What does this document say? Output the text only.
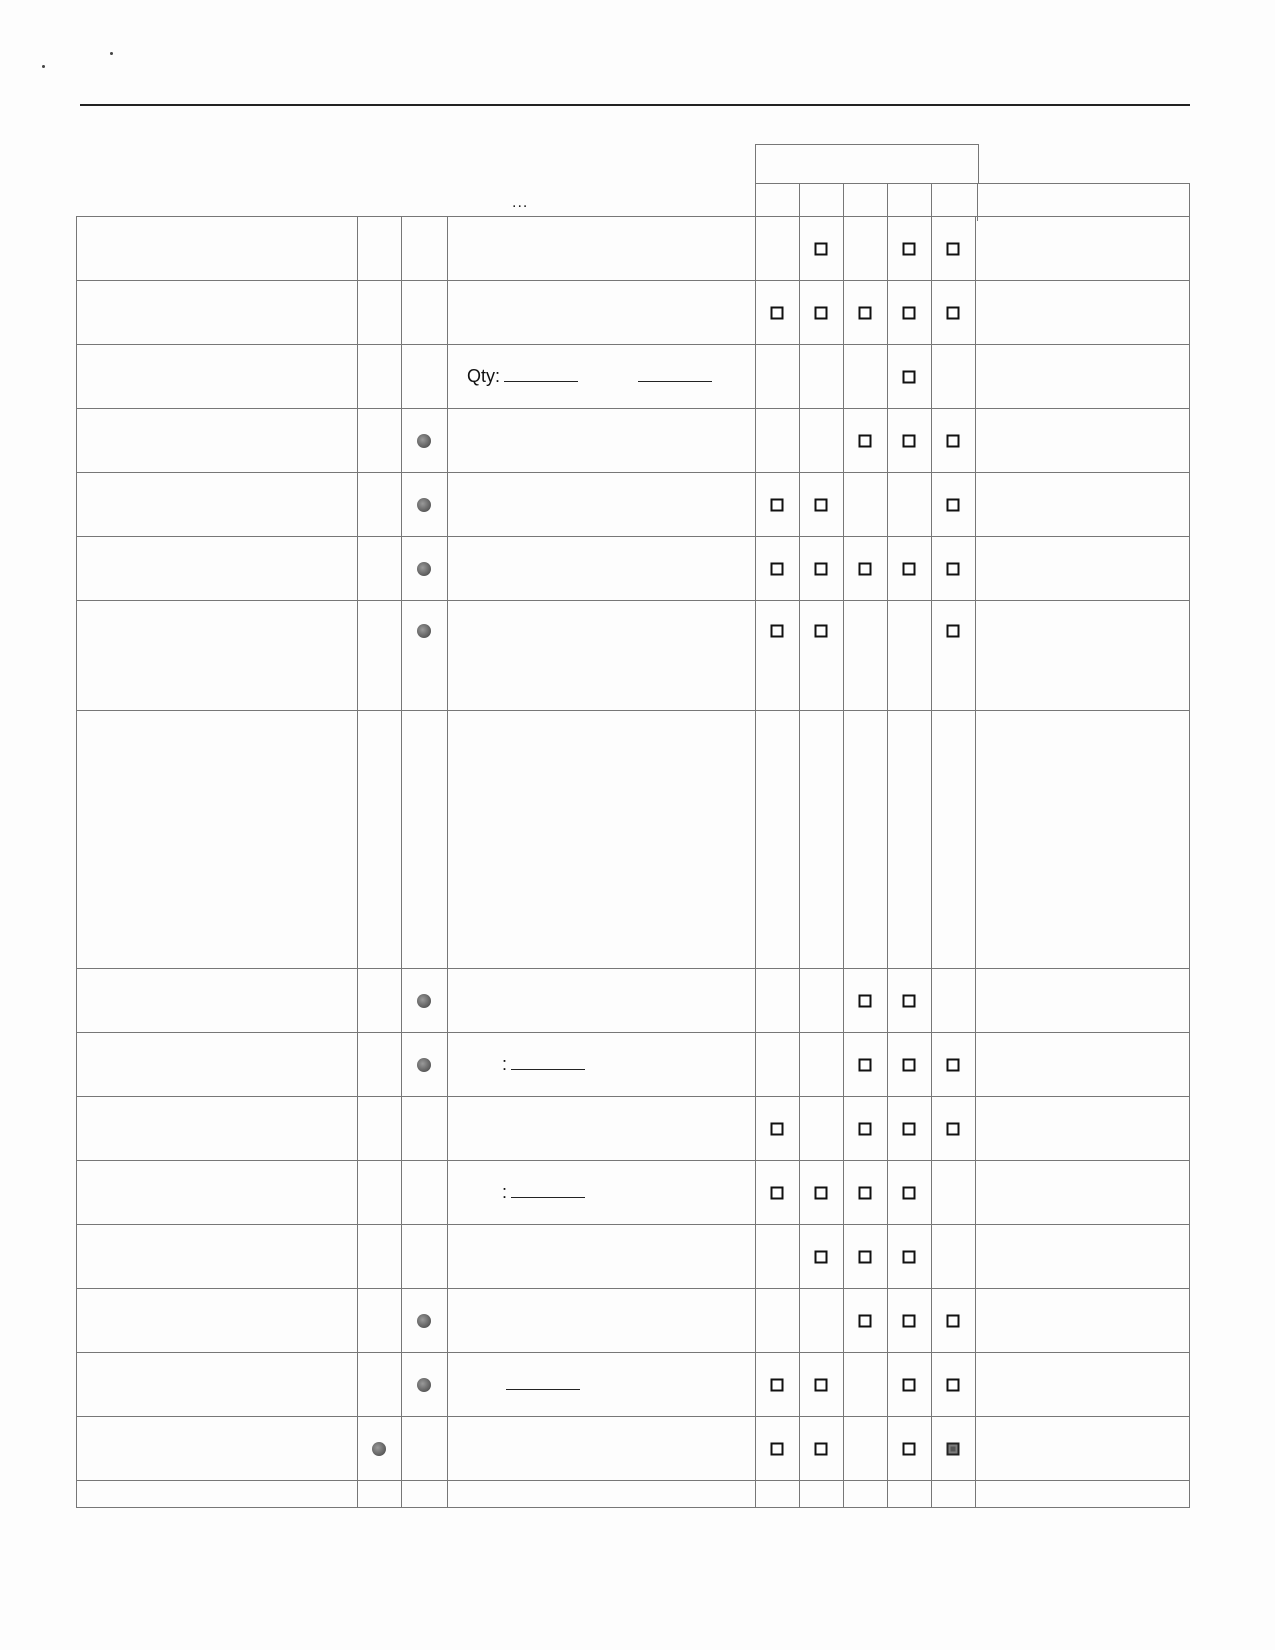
...
Qty:
:
:
